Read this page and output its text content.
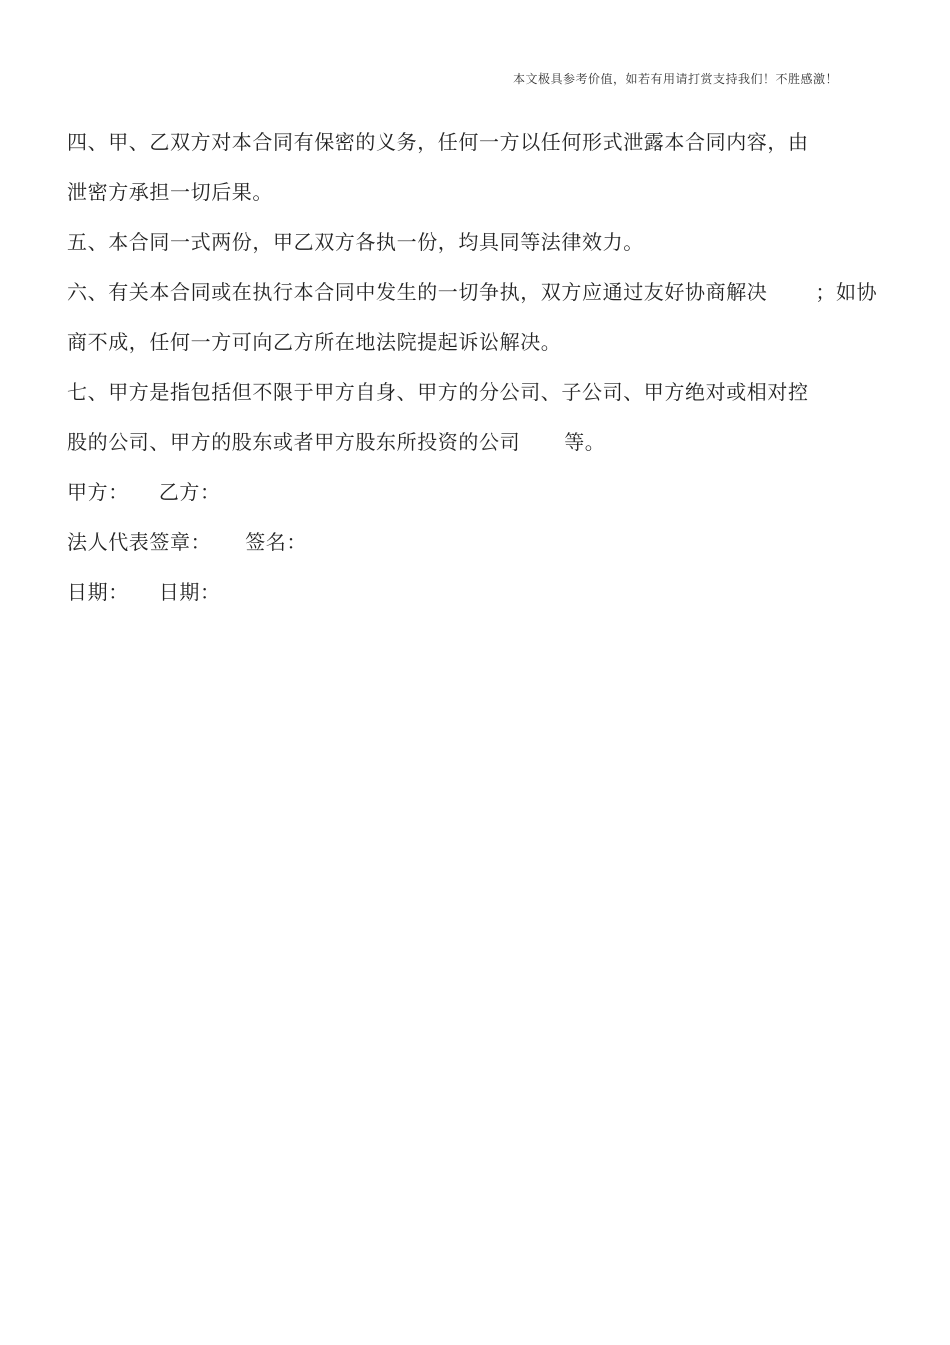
本文极具参考价值，如若有用请打赏支持我们！不胜感激！
四、甲、乙双方对本合同有保密的义务，任何一方以任何形式泄露本合同内容，由
泄密方承担一切后果。
五、本合同一式两份，甲乙双方各执一份，均具同等法律效力。
六、有关本合同或在执行本合同中发生的一切争执，双方应通过友好协商解决 ；如协
商不成，任何一方可向乙方所在地法院提起诉讼解决。
七、甲方是指包括但不限于甲方自身、甲方的分公司、子公司、甲方绝对或相对控
股的公司、甲方的股东或者甲方股东所投资的公司 等。
甲方： 乙方：
法人代表签章： 签名：
日期： 日期：
